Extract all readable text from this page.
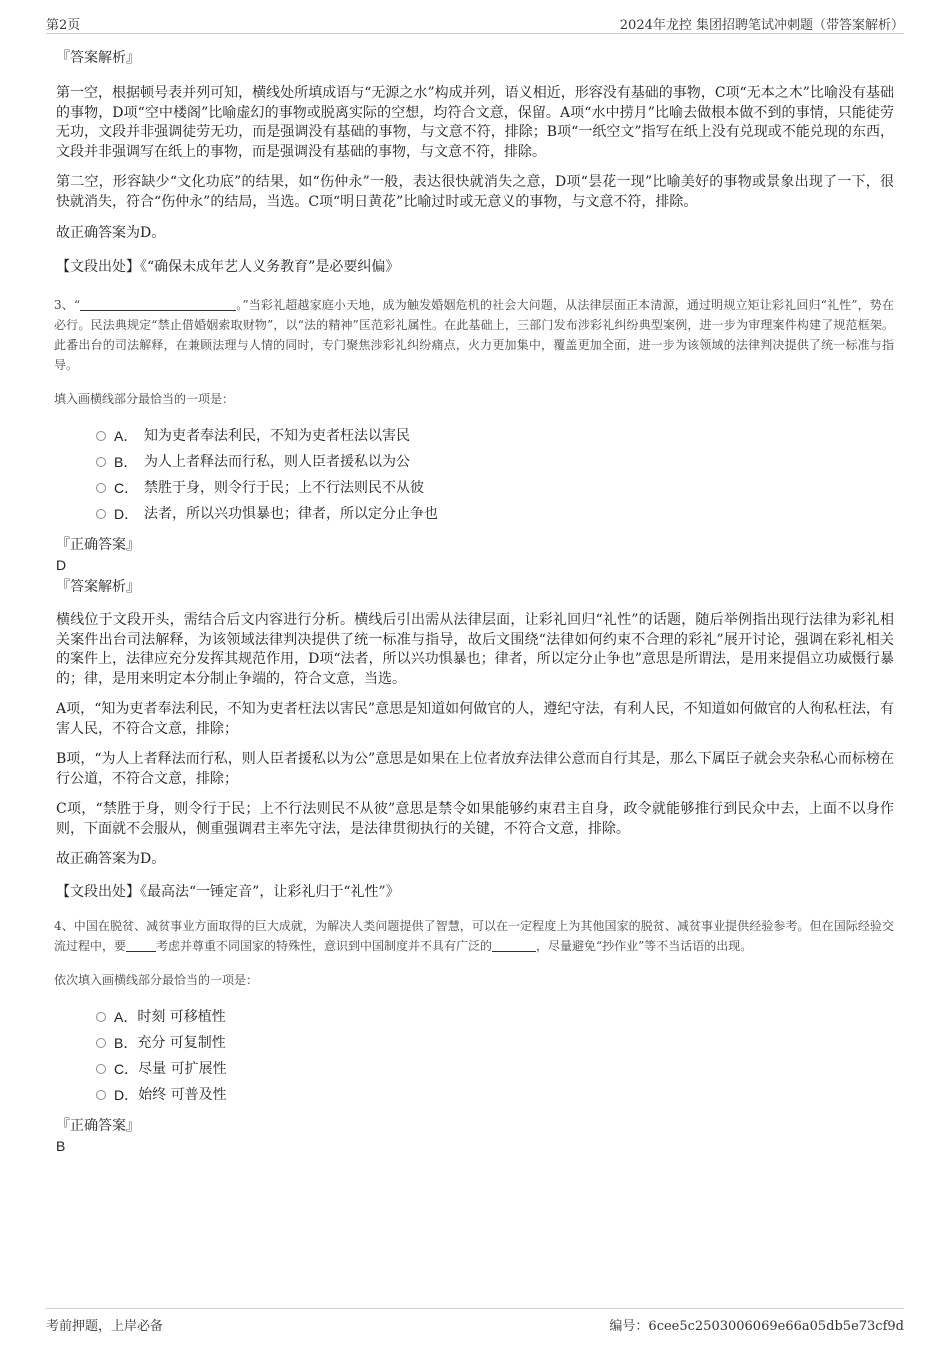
第2页	2024年龙控 集团招聘笔试冲刺题（带答案解析）
『答案解析』

第一空，根据顿号表并列可知，横线处所填成语与“无源之水”构成并列，语义相近，形容没有基础的事物，C项“无本之木”比喻没有基础的事物，D项“空中楼阁”比喻虚幻的事物或脱离实际的空想，均符合文意，保留。A项“水中捞月”比喻去做根本做不到的事情，只能徒劳无功，文段并非强调徒劳无功，而是强调没有基础的事物，与文意不符，排除；B项“一纸空文”指写在纸上没有兑现或不能兑现的东西，文段并非强调写在纸上的事物，而是强调没有基础的事物，与文意不符，排除。

第二空，形容缺少“文化功底”的结果，如“伤仲永”一般，表达很快就消失之意，D项“昙花一现”比喻美好的事物或景象出现了一下，很快就消失，符合“伤仲永”的结局，当选。C项“明日黄花”比喻过时或无意义的事物，与文意不符，排除。

故正确答案为D。

【文段出处】《“确保未成年艺人义务教育”是必要纠偏》

3、“	。”当彩礼超越家庭小天地，成为触发婚姻危机的社会大问题，从法律层面正本清源，通过明规立矩让彩礼回归“礼性”，势在必行。民法典规定“禁止借婚姻索取财物”，以“法的精神”匡范彩礼属性。在此基础上，三部门发布涉彩礼纠纷典型案例，进一步为审理案件构建了规范框架。此番出台的司法解释，在兼顾法理与人情的同时，专门聚焦涉彩礼纠纷痛点，火力更加集中，覆盖更加全面，进一步为该领域的法律判决提供了统一标准与指导。

填入画横线部分最恰当的一项是：

A． 知为吏者奉法利民，不知为吏者枉法以害民
B． 为人上者释法而行私，则人臣者援私以为公
C． 禁胜于身，则令行于民；上不行法则民不从彼
D． 法者，所以兴功惧暴也；律者，所以定分止争也
『正确答案』
D
『答案解析』

横线位于文段开头，需结合后文内容进行分析。横线后引出需从法律层面，让彩礼回归“礼性”的话题，随后举例指出现行法律为彩礼相关案件出台司法解释，为该领域法律判决提供了统一标准与指导，故后文围绕“法律如何约束不合理的彩礼”展开讨论，强调在彩礼相关的案件上，法律应充分发挥其规范作用，D项“法者，所以兴功惧暴也；律者，所以定分止争也”意思是所谓法，是用来提倡立功威慑行暴的；律，是用来明定本分制止争端的，符合文意，当选。

A项，“知为吏者奉法利民，不知为吏者枉法以害民”意思是知道如何做官的人，遵纪守法，有利人民，不知道如何做官的人徇私枉法，有害人民，不符合文意，排除；

B项，“为人上者释法而行私，则人臣者援私以为公”意思是如果在上位者放弃法律公意而自行其是，那么下属臣子就会夹杂私心而标榜在行公道，不符合文意，排除；

C项，“禁胜于身，则令行于民；上不行法则民不从彼”意思是禁令如果能够约束君主自身，政令就能够推行到民众中去，上面不以身作则，下面就不会服从，侧重强调君主率先守法，是法律贯彻执行的关键，不符合文意，排除。

故正确答案为D。

【文段出处】《最高法“一锤定音”，让彩礼归于“礼性”》

4、中国在脱贫、减贫事业方面取得的巨大成就，为解决人类问题提供了智慧，可以在一定程度上为其他国家的脱贫、减贫事业提供经验参考。但在国际经验交流过程中，要	考虑并尊重不同国家的特殊性，意识到中国制度并不具有广泛的	，尽量避免“抄作业”等不当话语的出现。

依次填入画横线部分最恰当的一项是：

A． 时刻 可移植性
B． 充分 可复制性
C． 尽量 可扩展性
D． 始终 可普及性
『正确答案』
B
考前押题，上岸必备	编号：6cee5c2503006069e66a05db5e73cf9d
